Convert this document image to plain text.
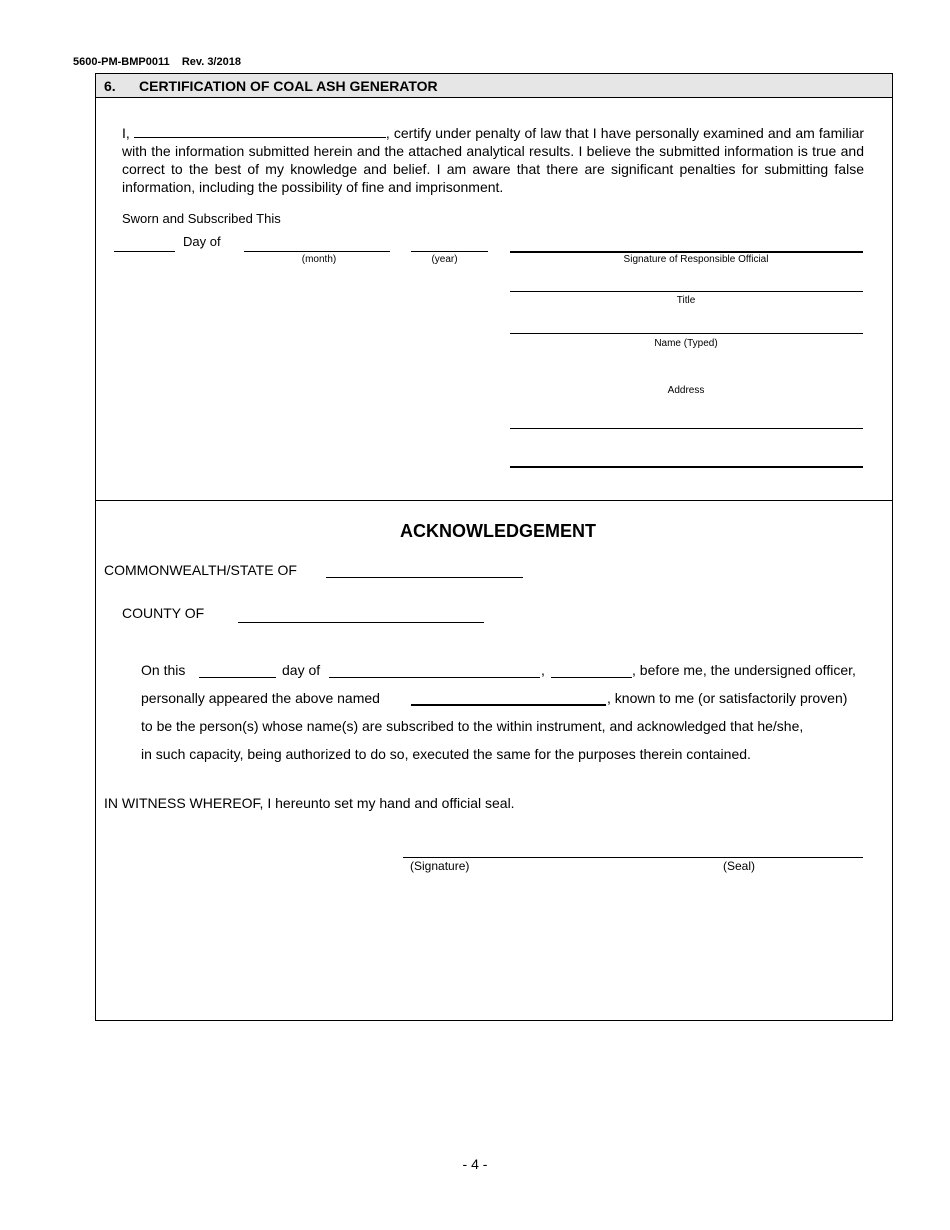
5600-PM-BMP0011 Rev. 3/2018
6. CERTIFICATION OF COAL ASH GENERATOR
I,	, certify under penalty of law that I have personally examined and am familiar with the information submitted herein and the attached analytical results. I believe the submitted information is true and correct to the best of my knowledge and belief. I am aware that there are significant penalties for submitting false information, including the possibility of fine and imprisonment.
Sworn and Subscribed This
Day of
(month)	(year)	Signature of Responsible Official
Title
Name (Typed)
Address
ACKNOWLEDGEMENT
COMMONWEALTH/STATE OF
COUNTY OF
On this	day of	,	, before me, the undersigned officer,
personally appeared the above named	, known to me (or satisfactorily proven)
to be the person(s) whose name(s) are subscribed to the within instrument, and acknowledged that he/she,
in such capacity, being authorized to do so, executed the same for the purposes therein contained.
IN WITNESS WHEREOF, I hereunto set my hand and official seal.
(Signature)	(Seal)
- 4 -
